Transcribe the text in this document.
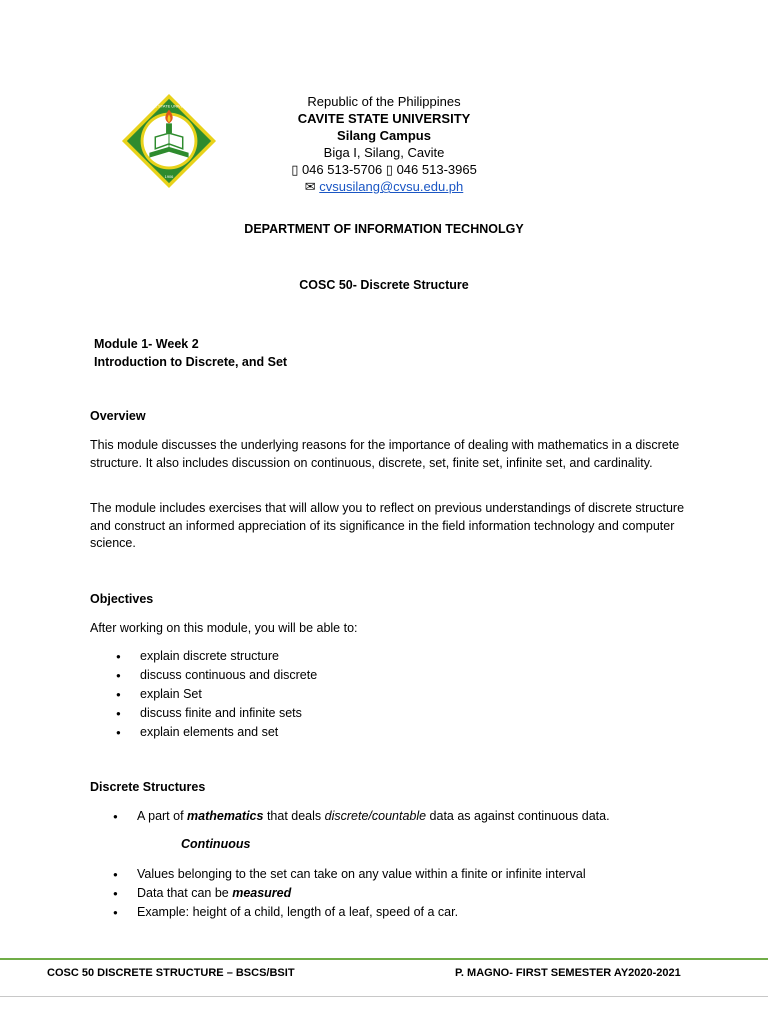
CAVITE STATE UNIVERSITY
1906
Republic of the Philippines
CAVITE STATE UNIVERSITY
Silang Campus
Biga I, Silang, Cavite
▯ 046 513-5706 ▯ 046 513-3965
✉ cvsusilang@cvsu.edu.ph
DEPARTMENT OF INFORMATION TECHNOLGY
COSC 50- Discrete Structure
Module 1- Week 2
Introduction to Discrete, and Set
Overview
This module discusses the underlying reasons for the importance of dealing with mathematics in a discrete structure. It also includes discussion on continuous, discrete, set, finite set, infinite set, and cardinality.
The module includes exercises that will allow you to reflect on previous understandings of discrete structure and construct an informed appreciation of its significance in the field information technology and computer science.
Objectives
After working on this module, you will be able to:
● explain discrete structure
● discuss continuous and discrete
● explain Set
● discuss finite and infinite sets
● explain elements and set
Discrete Structures
● A part of mathematics that deals discrete/countable data as against continuous data.
Continuous
● Values belonging to the set can take on any value within a finite or infinite interval
● Data that can be measured
● Example: height of a child, length of a leaf, speed of a car.
COSC 50 DISCRETE STRUCTURE – BSCS/BSIT	P. MAGNO- FIRST SEMESTER AY2020-2021
